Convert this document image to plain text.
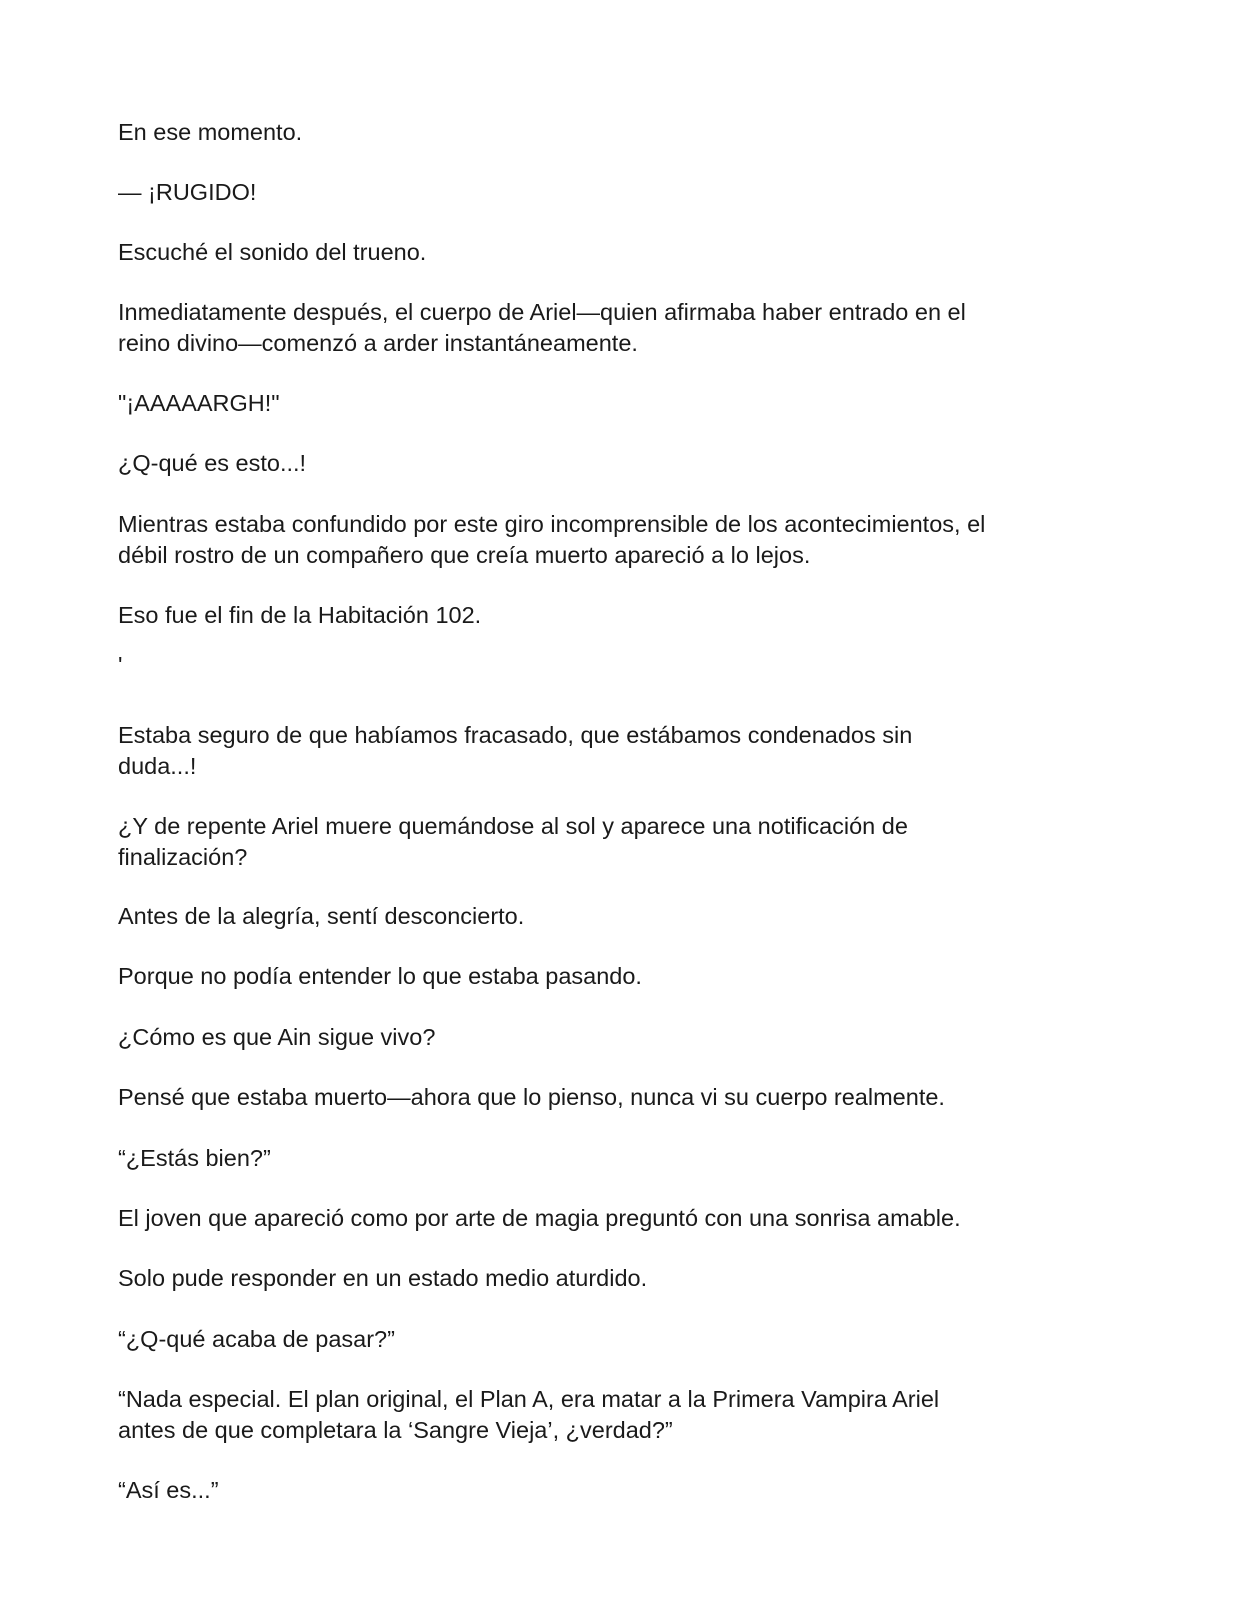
En ese momento.

— ¡RUGIDO!

Escuché el sonido del trueno.

Inmediatamente después, el cuerpo de Ariel—quien afirmaba haber entrado en el
reino divino—comenzó a arder instantáneamente.

"¡AAAAARGH!"

¿Q-qué es esto...!

Mientras estaba confundido por este giro incomprensible de los acontecimientos, el
débil rostro de un compañero que creía muerto apareció a lo lejos.

Eso fue el fin de la Habitación 102.

'

Estaba seguro de que habíamos fracasado, que estábamos condenados sin
duda...!

¿Y de repente Ariel muere quemándose al sol y aparece una notificación de
finalización?

Antes de la alegría, sentí desconcierto.

Porque no podía entender lo que estaba pasando.

¿Cómo es que Ain sigue vivo?

Pensé que estaba muerto—ahora que lo pienso, nunca vi su cuerpo realmente.

“¿Estás bien?”

El joven que apareció como por arte de magia preguntó con una sonrisa amable.

Solo pude responder en un estado medio aturdido.

“¿Q-qué acaba de pasar?”

“Nada especial. El plan original, el Plan A, era matar a la Primera Vampira Ariel
antes de que completara la ‘Sangre Vieja’, ¿verdad?”

“Así es...”
